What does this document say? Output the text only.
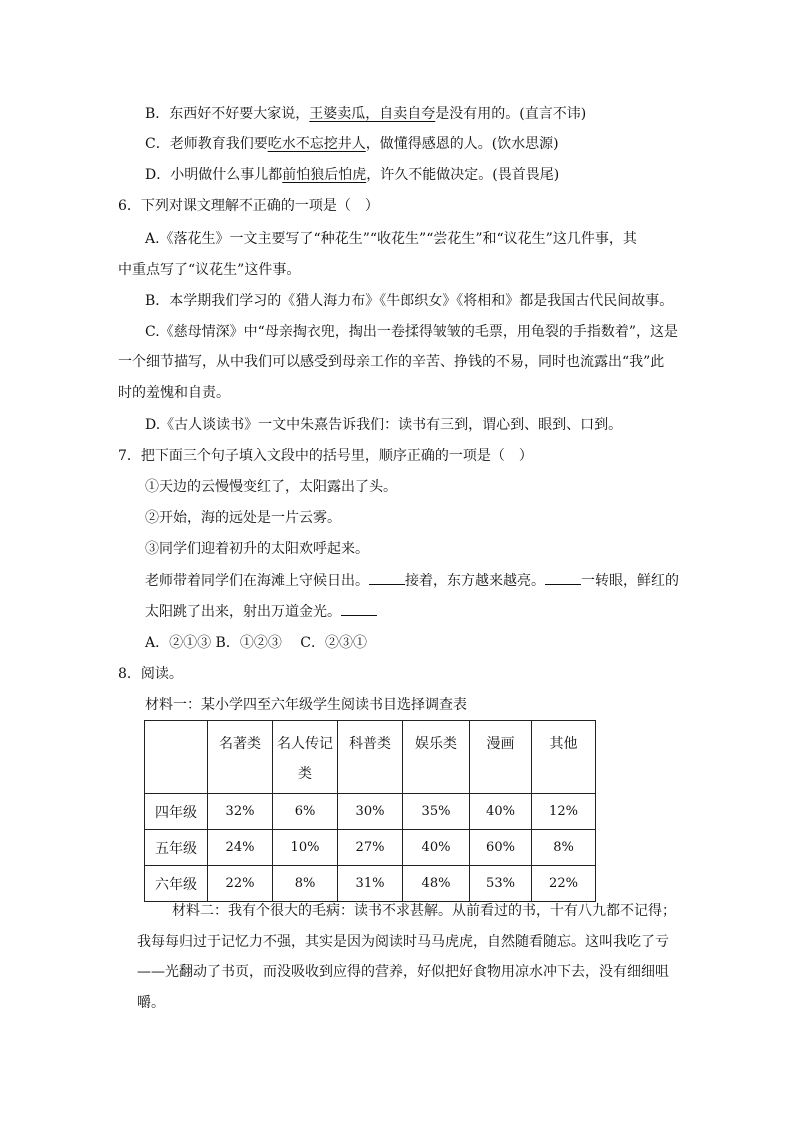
B．东西好不好要大家说，王婆卖瓜，自卖自夸是没有用的。(直言不讳)
C．老师教育我们要吃水不忘挖井人，做懂得感恩的人。(饮水思源)
D．小明做什么事儿都前怕狼后怕虎，许久不能做决定。(畏首畏尾)
6．下列对课文理解不正确的一项是（　）
A.《落花生》一文主要写了“种花生”“收花生”“尝花生”和“议花生”这几件事，其
中重点写了“议花生”这件事。
B．本学期我们学习的《猎人海力布》《牛郎织女》《将相和》都是我国古代民间故事。
C.《慈母情深》中“母亲掏衣兜，掏出一卷揉得皱皱的毛票，用龟裂的手指数着”，这是
一个细节描写，从中我们可以感受到母亲工作的辛苦、挣钱的不易，同时也流露出“我”此
时的羞愧和自责。
D.《古人谈读书》一文中朱熹告诉我们：读书有三到，谓心到、眼到、口到。
7．把下面三个句子填入文段中的括号里，顺序正确的一项是（　）
①天边的云慢慢变红了，太阳露出了头。
②开始，海的远处是一片云雾。
③同学们迎着初升的太阳欢呼起来。
老师带着同学们在海滩上守候日出。	接着，东方越来越亮。	一转眼，鲜红的
太阳跳了出来，射出万道金光。
A．②①③ B．①②③　 C．②③①
8．阅读。
材料一：某小学四至六年级学生阅读书目选择调查表
	名著类	名人传记
类	科普类	娱乐类	漫画	其他
四年级	32%	6%	30%	35%	40%	12%
五年级	24%	10%	27%	40%	60%	8%
六年级	22%	8%	31%	48%	53%	22%
材料二：我有个很大的毛病：读书不求甚解。从前看过的书，十有八九都不记得；
我每每归过于记忆力不强，其实是因为阅读时马马虎虎，自然随看随忘。这叫我吃了亏
——光翻动了书页，而没吸收到应得的营养，好似把好食物用凉水冲下去，没有细细咀
嚼。
